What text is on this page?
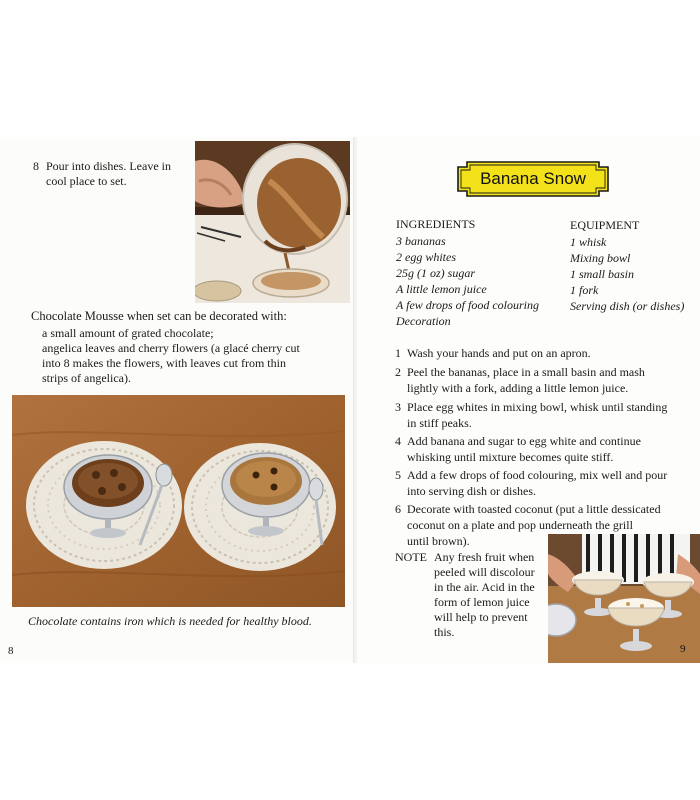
8 Pour into dishes. Leave in
cool place to set.
Chocolate Mousse when set can be decorated with:
a small amount of grated chocolate;
angelica leaves and cherry flowers (a glacé cherry cut
into 8 makes the flowers, with leaves cut from thin
strips of angelica).
Chocolate contains iron which is needed for healthy blood.
8
Banana Snow
INGREDIENTS
3 bananas
2 egg whites
25g (1 oz) sugar
A little lemon juice
A few drops of food colouring
Decoration
EQUIPMENT
1 whisk
Mixing bowl
1 small basin
1 fork
Serving dish (or dishes)
1 Wash your hands and put on an apron.
2 Peel the bananas, place in a small basin and mash
lightly with a fork, adding a little lemon juice.
3 Place egg whites in mixing bowl, whisk until standing
in stiff peaks.
4 Add banana and sugar to egg white and continue
whisking until mixture becomes quite stiff.
5 Add a few drops of food colouring, mix well and pour
into serving dish or dishes.
6 Decorate with toasted coconut (put a little dessicated
coconut on a plate and pop underneath the grill
until brown).
NOTE Any fresh fruit when
peeled will discolour
in the air. Acid in the
form of lemon juice
will help to prevent
this.
9
